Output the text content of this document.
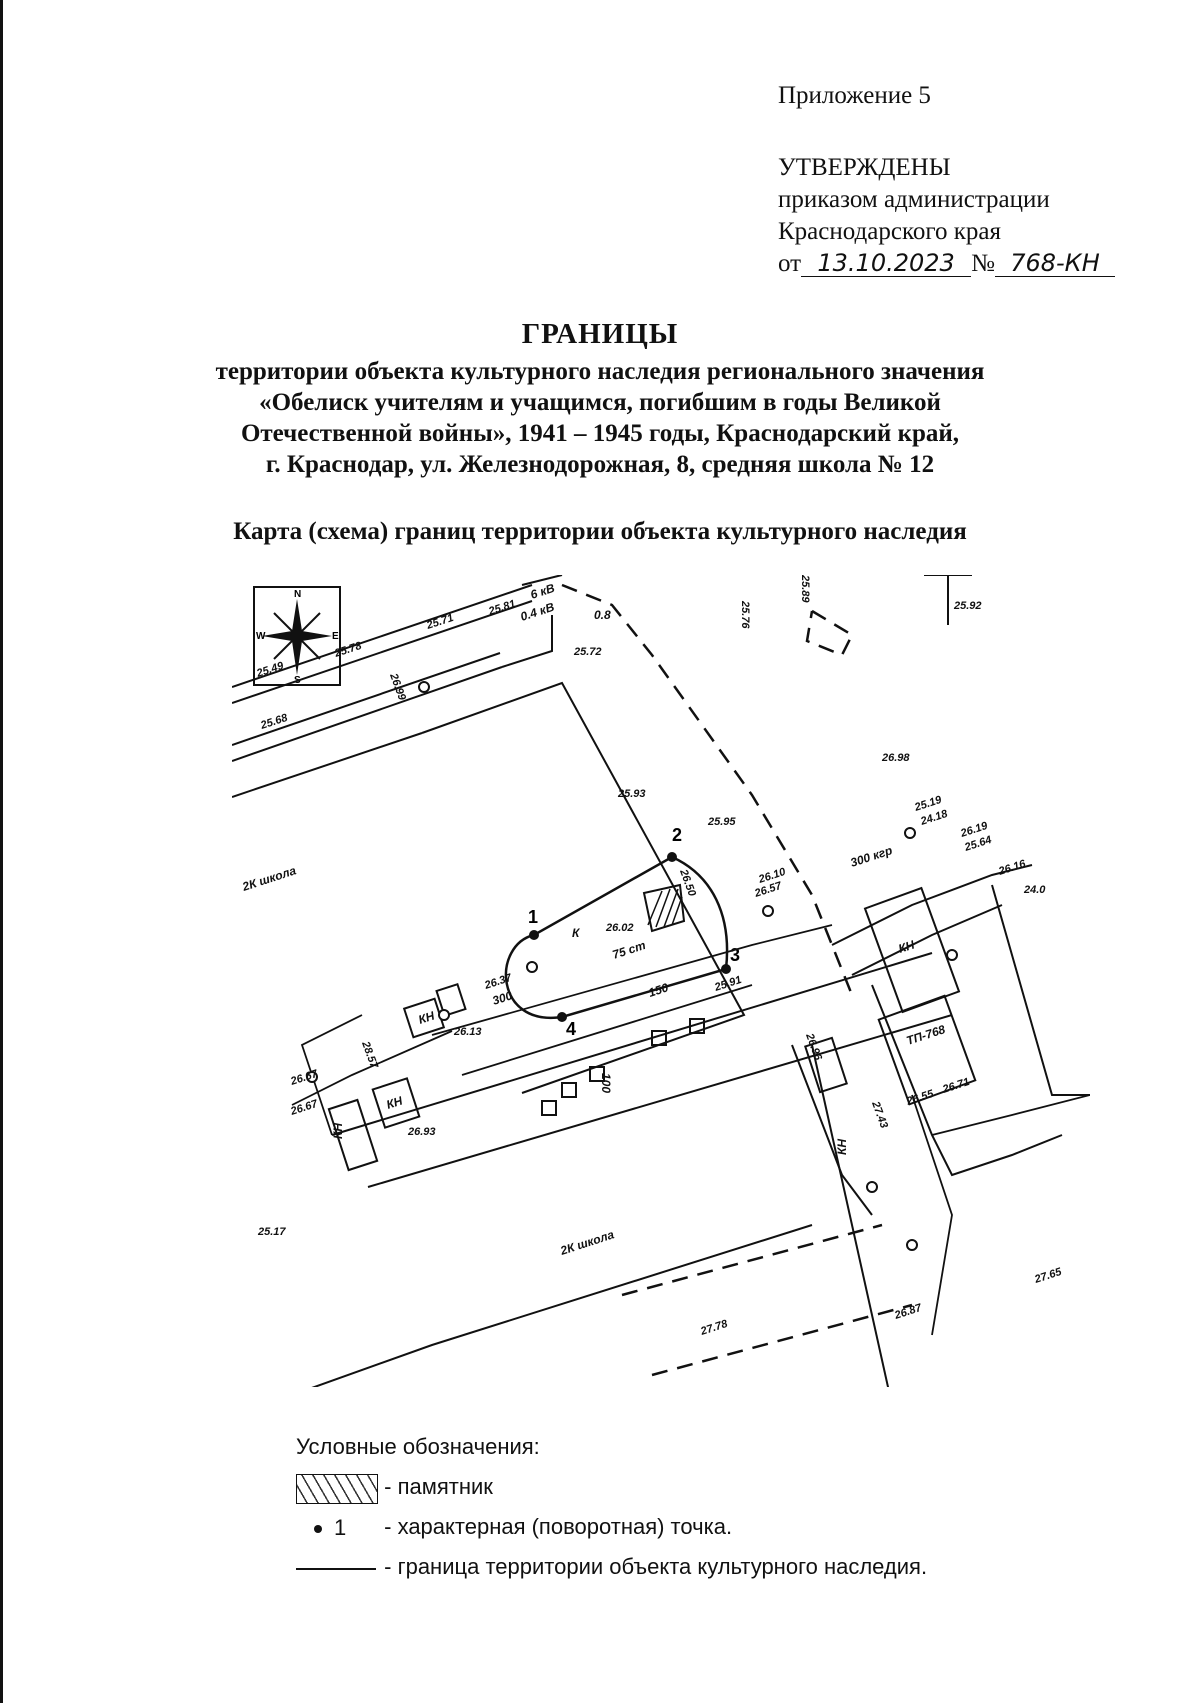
Приложение 5
УТВЕРЖДЕНЫ
приказом администрации
Краснодарского края
от 13.10.2023 № 768-КН
ГРАНИЦЫ
территории объекта культурного наследия регионального значения
«Обелиск учителям и учащимся, погибшим в годы Великой
Отечественной войны», 1941 – 1945 годы, Краснодарский край,
г. Краснодар, ул. Железнодорожная, 8, средняя школа № 12
Карта (схема) границ территории объекта культурного наследия
N
S
W	E
1
2
3
4
25.71
25.81
25.72
26.67
25.78
25.49
25.68
26.99
25.92
26.98
25.93
25.95
26.10
26.57
25.19
24.18
26.19
25.64
26.16
24.0
26.02
26.50
26.37
26.13	26.96
25.91
26.55
26.71
27.43
25.17
26.93
28.57
26.67
27.78
27.65
26.87
25.76
25.89
2К школа
2К школа
КН
КН
КН
КН
КН
ТП-768
К
150
300
75 ст
300 кгр
100
0.4 кВ
6 кВ
0.8
Условные обозначения:
- памятник
1 - характерная (поворотная) точка.
- граница территории объекта культурного наследия.
